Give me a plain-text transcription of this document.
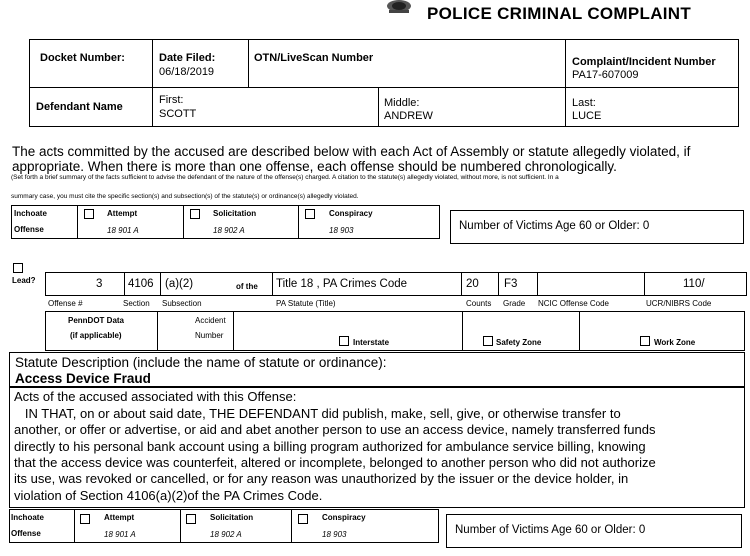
POLICE CRIMINAL COMPLAINT
Docket Number:	Date Filed:
06/18/2019
OTN/LiveScan Number	Complaint/Incident Number
PA17-607009
Defendant Name
First:
SCOTT
Middle:
ANDREW
Last:
LUCE
The acts committed by the accused are described below with each Act of Assembly or statute allegedly violated, if
appropriate. When there is more than one offense, each offense should be numbered chronologically.
(Set forth a brief summary of the facts sufficient to advise the defendant of the nature of the offense(s) charged. A citation to the statute(s) allegedly violated, without more, is not sufficient. In a
summary case, you must cite the specific section(s) and subsection(s) of the statute(s) or ordinance(s) allegedly violated.
Inchoate
Offense
Attempt
18 901 A
Solicitation
18 902 A
Conspiracy
18 903	Number of Victims Age 60 or Older: 0
Lead?	3 4106 (a)(2)	of the Title 18 , PA Crimes Code	20 F3	110/
Offense #	Section Subsection	PA Statute (Title)	Counts Grade NCIC Offense Code	UCR/NIBRS Code
PennDOT Data
(if applicable)
Accident
Number
Interstate	Safety Zone	Work Zone
Statute Description (include the name of statute or ordinance):
Access Device Fraud
Acts of the accused associated with this Offense:
IN THAT, on or about said date, THE DEFENDANT did publish, make, sell, give, or otherwise transfer to
another, or offer or advertise, or aid and abet another person to use an access device, namely transferred funds
directly to his personal bank account using a billing program authorized for ambulance service billing, knowing
that the access device was counterfeit, altered or incomplete, belonged to another person who did not authorize
its use, was revoked or cancelled, or for any reason was unauthorized by the issuer or the device holder, in
violation of Section 4106(a)(2)of the PA Crimes Code.
Inchoate
Offense
Attempt
18 901 A
Solicitation
18 902 A
Conspiracy
18 903	Number of Victims Age 60 or Older: 0
